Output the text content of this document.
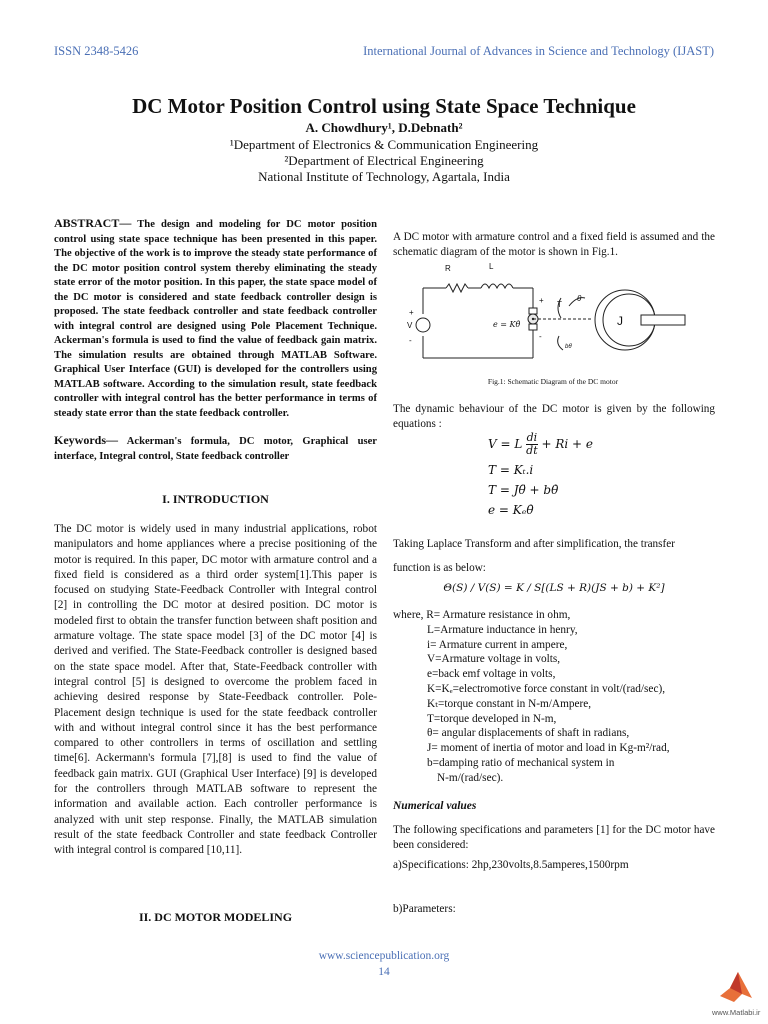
ISSN 2348-5426	International Journal of Advances in Science and Technology (IJAST)
DC Motor Position Control using State Space Technique
A. Chowdhury¹, D.Debnath²
¹Department of Electronics & Communication Engineering
²Department of Electrical Engineering
National Institute of Technology, Agartala, India
ABSTRACT— The design and modeling for DC motor position control using state space technique has been presented in this paper. The objective of the work is to improve the steady state performance of the DC motor position control system thereby eliminating the steady state error of the motor position. In this paper, the state space model of the DC motor is considered and state feedback controller design is proposed. The state feedback controller and state feedback controller with integral control are designed using Pole Placement Technique. Ackerman's formula is used to find the value of feedback gain matrix. The simulation results are obtained through MATLAB Software. Graphical User Interface (GUI) is developed for the controllers using MATLAB software. According to the simulation result, state feedback controller with integral control has the better performance in terms of steady state error than the state feedback controller.
Keywords— Ackerman's formula, DC motor, Graphical user interface, Integral control, State feedback controller
I. INTRODUCTION
The DC motor is widely used in many industrial applications, robot manipulators and home appliances where a precise positioning of the motor is required. In this paper, DC motor with armature control and a fixed field is considered as a third order system[1].This paper is focused on studying State-Feedback Controller with Integral control [2] in controlling the DC motor at desired position. DC motor is modeled first to obtain the transfer function between shaft position and armature voltage. The state space model [3] of the DC motor [4] is derived and verified. The State-Feedback controller is designed based on the state space model. After that, State-Feedback controller with integral control [5] is designed to overcome the problem faced in achieving desired response by State-Feedback controller. Pole-Placement design technique is used for the state feedback controller with and without integral control since it has the best performance compared to other controllers in terms of oscillation and settling time[6]. Ackermann's formula [7],[8] is used to find the value of feedback gain matrix. GUI (Graphical User Interface) [9] is developed for the controllers through MATLAB software to represent the information and available action. Each controller performance is analyzed with unit step response. Finally, the MATLAB simulation result of the state feedback Controller and state feedback Controller with integral control is compared [10,11].
II. DC MOTOR MODELING
A DC motor with armature control and a fixed field is assumed and the schematic diagram of the motor is shown in Fig.1.
R	L
+
V
-
+
-
e = Kθ̇
T
θ
J
bθ̇
Fig.1: Schematic Diagram of the DC motor
The dynamic behaviour of the DC motor is given by the following equations :
V = L $\frac{di}{dt} + Ri + e$
T = Kₜ.i
T = Jθ̈ + bθ̇
e = Kₑθ̇
Taking Laplace Transform and after simplification, the transfer
function is as below:
Θ(S) / V(S) = K / S[(LS + R)(JS + b) + K²]
where, R= Armature resistance in ohm,
L=Armature inductance in henry,
i= Armature current in ampere,
V=Armature voltage in volts,
e=back emf voltage in volts,
K=Kₑ=electromotive force constant in volt/(rad/sec),
Kₜ=torque constant in N-m/Ampere,
T=torque developed in N-m,
θ= angular displacements of shaft in radians,
J= moment of inertia of motor and load in Kg-m²/rad,
b=damping ratio of mechanical system in
N-m/(rad/sec).
Numerical values
The following specifications and parameters [1] for the DC motor have been considered:
a)Specifications: 2hp,230volts,8.5amperes,1500rpm
b)Parameters:
www.sciencepublication.org
14
www.Matlabi.ir
